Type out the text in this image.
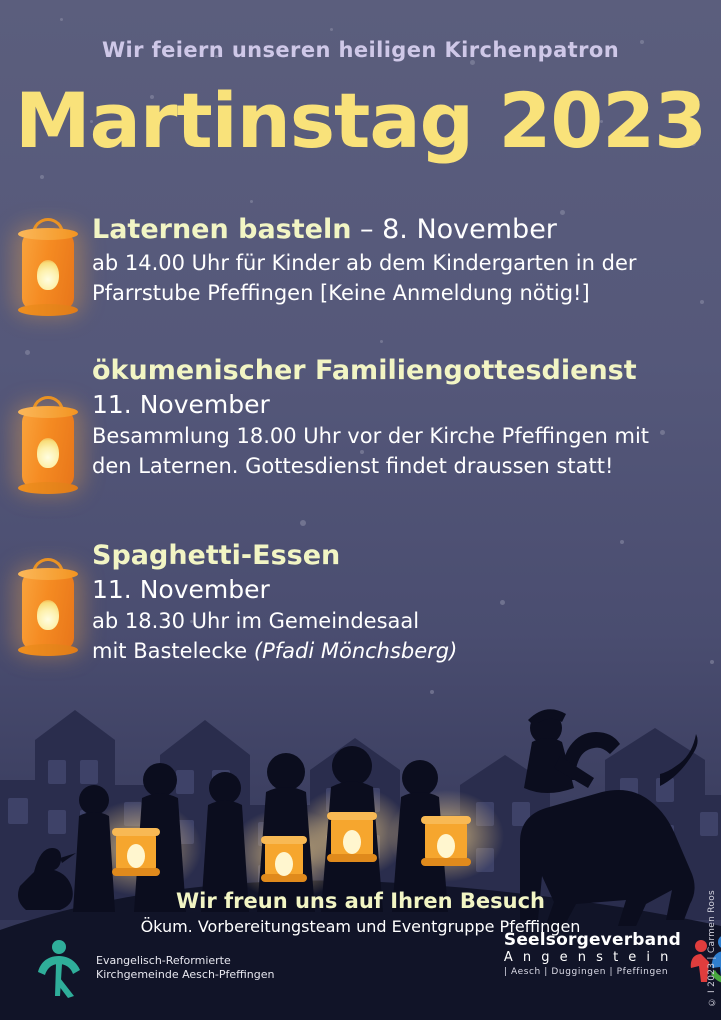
Wir feiern unseren heiligen Kirchenpatron
Martinstag 2023
Laternen basteln – 8. November

ab 14.00 Uhr für Kinder ab dem Kindergarten in der

Pfarrstube Pfeffingen [Keine Anmeldung nötig!]

ökumenischer Familiengottesdienst
11. November

Besammlung 18.00 Uhr vor der Kirche Pfeffingen mit

den Laternen. Gottesdienst findet draussen statt!

Spaghetti-Essen
11. November

ab 18.30 Uhr im Gemeindesaal

mit Bastelecke (Pfadi Mönchsberg)

Wir freun uns auf Ihren Besuch
Ökum. Vorbereitungsteam und Eventgruppe Pfeffingen
Evangelisch-Reformierte
Kirchgemeinde Aesch-Pfeffingen
Seelsorgeverband
A n g e n s t e i n
| Aesch | Duggingen | Pfeffingen	© I 2023 | Carmen Roos
